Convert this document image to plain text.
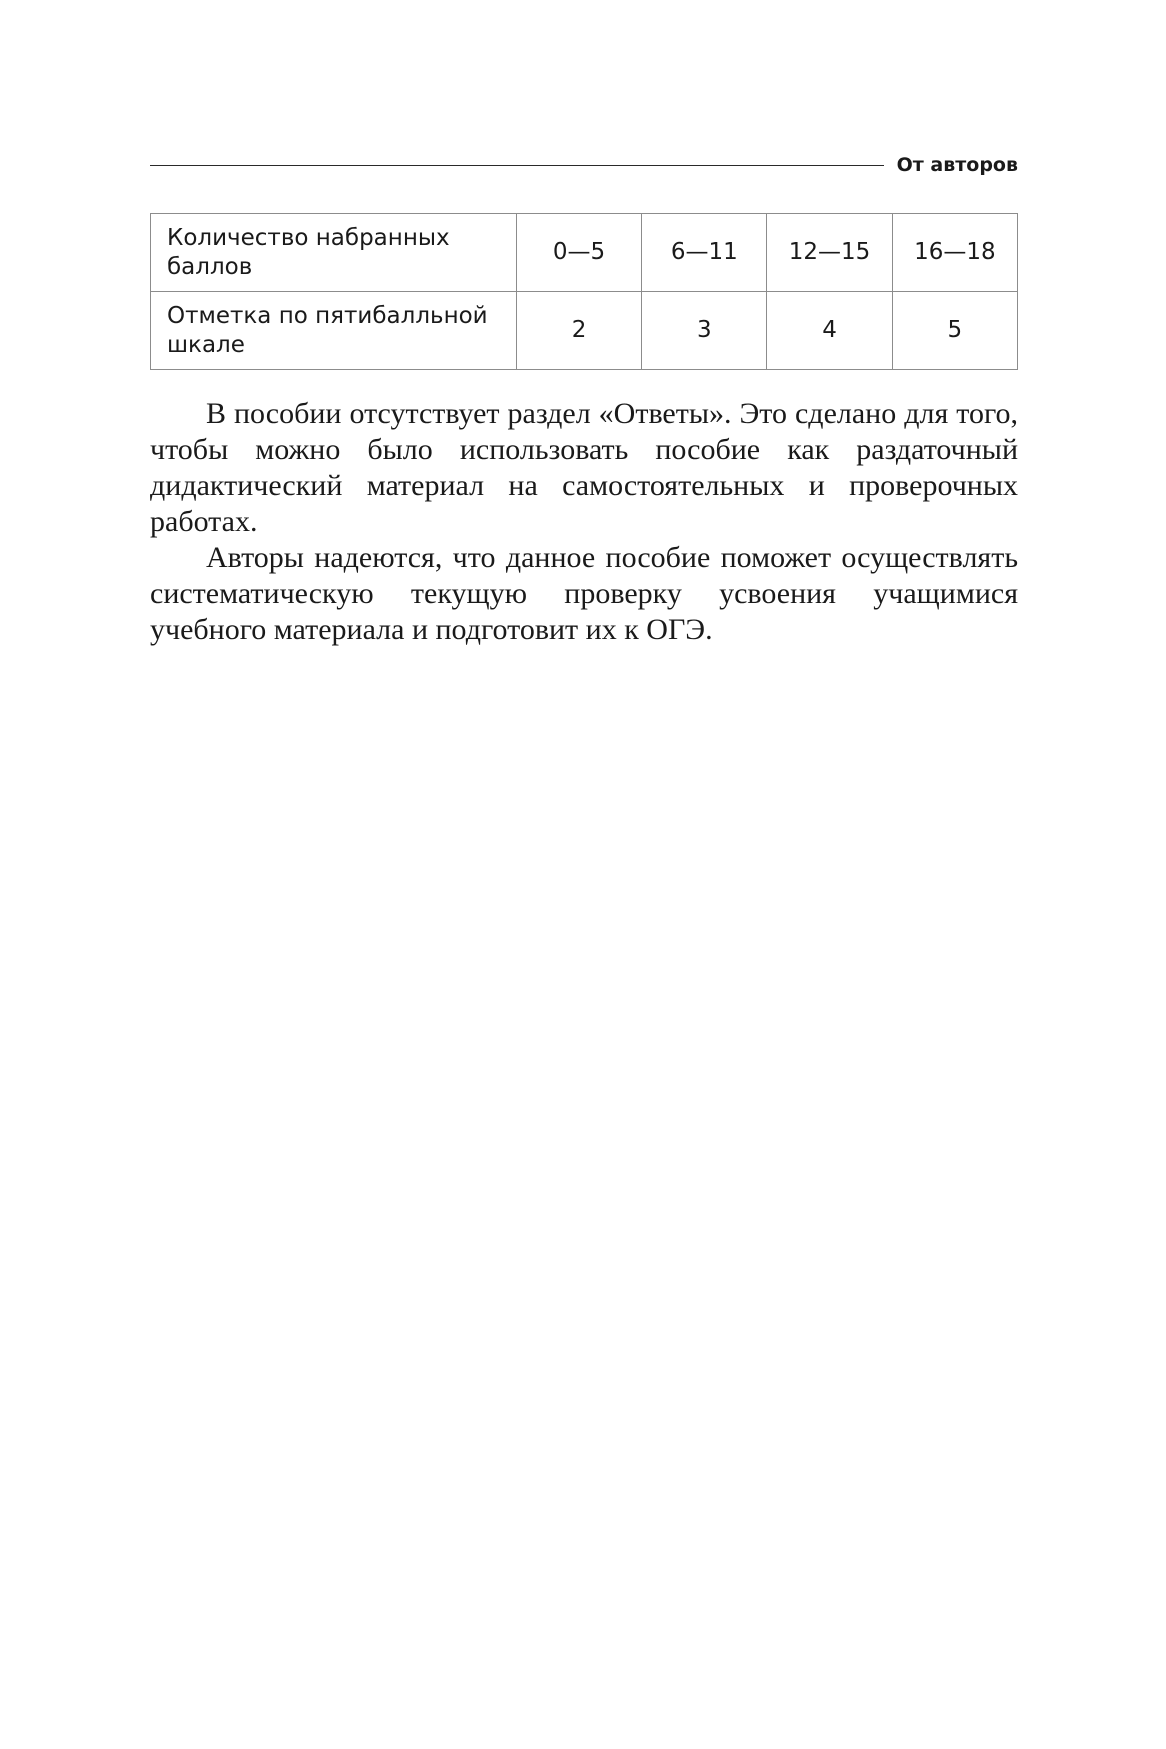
От авторов
Количество набранных баллов	0—5	6—11	12—15	16—18
Отметка по пятибалльной шкале	2	3	4	5

В пособии отсутствует раздел «Ответы». Это сделано для того, чтобы можно было использовать пособие как раздаточный дидактический материал на самостоятельных и проверочных работах.

Авторы надеются, что данное пособие поможет осуществлять систематическую текущую проверку усвоения учащимися учебного материала и подготовит их к ОГЭ.
